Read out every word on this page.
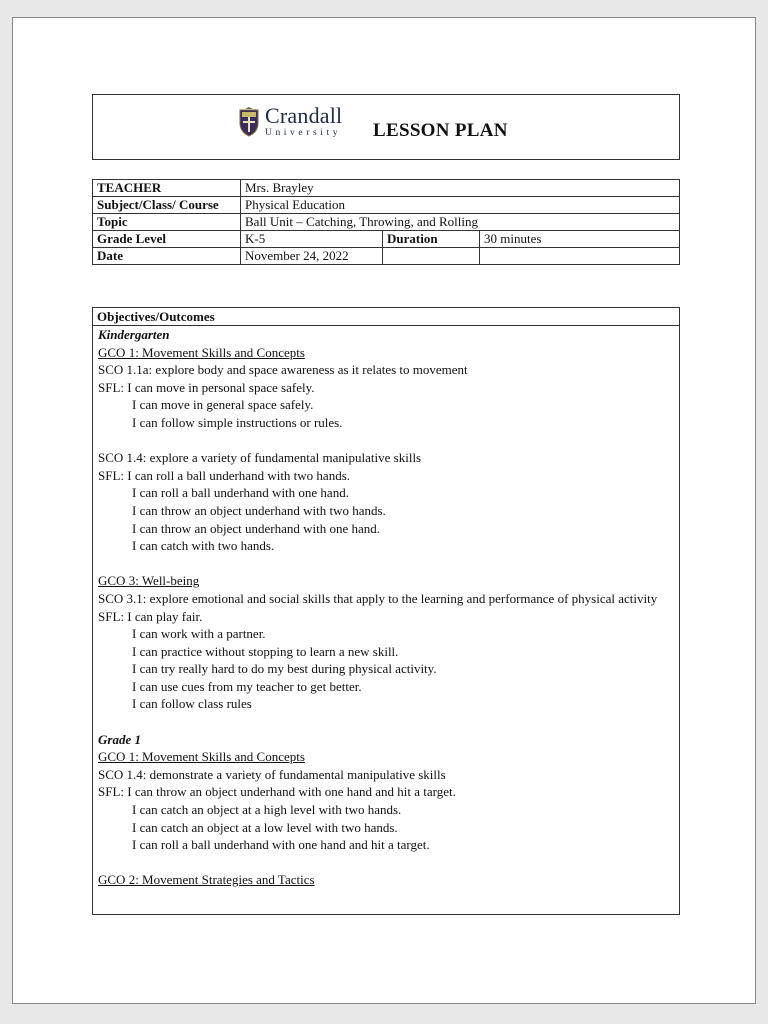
Crandall
University LESSON PLAN
TEACHER	Mrs. Brayley		
Subject/Class/ Course	Physical Education		
Topic	Ball Unit – Catching, Throwing, and Rolling		
Grade Level	K-5	Duration	30 minutes
Date	November 24, 2022		
Objectives/Outcomes
Kindergarten
GCO 1: Movement Skills and Concepts
SCO 1.1a: explore body and space awareness as it relates to movement
SFL: I can move in personal space safely.
I can move in general space safely.
I can follow simple instructions or rules.
SCO 1.4: explore a variety of fundamental manipulative skills
SFL: I can roll a ball underhand with two hands.
I can roll a ball underhand with one hand.
I can throw an object underhand with two hands.
I can throw an object underhand with one hand.
I can catch with two hands.
GCO 3: Well-being
SCO 3.1: explore emotional and social skills that apply to the learning and performance of physical activity
SFL: I can play fair.
I can work with a partner.
I can practice without stopping to learn a new skill.
I can try really hard to do my best during physical activity.
I can use cues from my teacher to get better.
I can follow class rules
Grade 1
GCO 1: Movement Skills and Concepts
SCO 1.4: demonstrate a variety of fundamental manipulative skills
SFL: I can throw an object underhand with one hand and hit a target.
I can catch an object at a high level with two hands.
I can catch an object at a low level with two hands.
I can roll a ball underhand with one hand and hit a target.
GCO 2: Movement Strategies and Tactics
